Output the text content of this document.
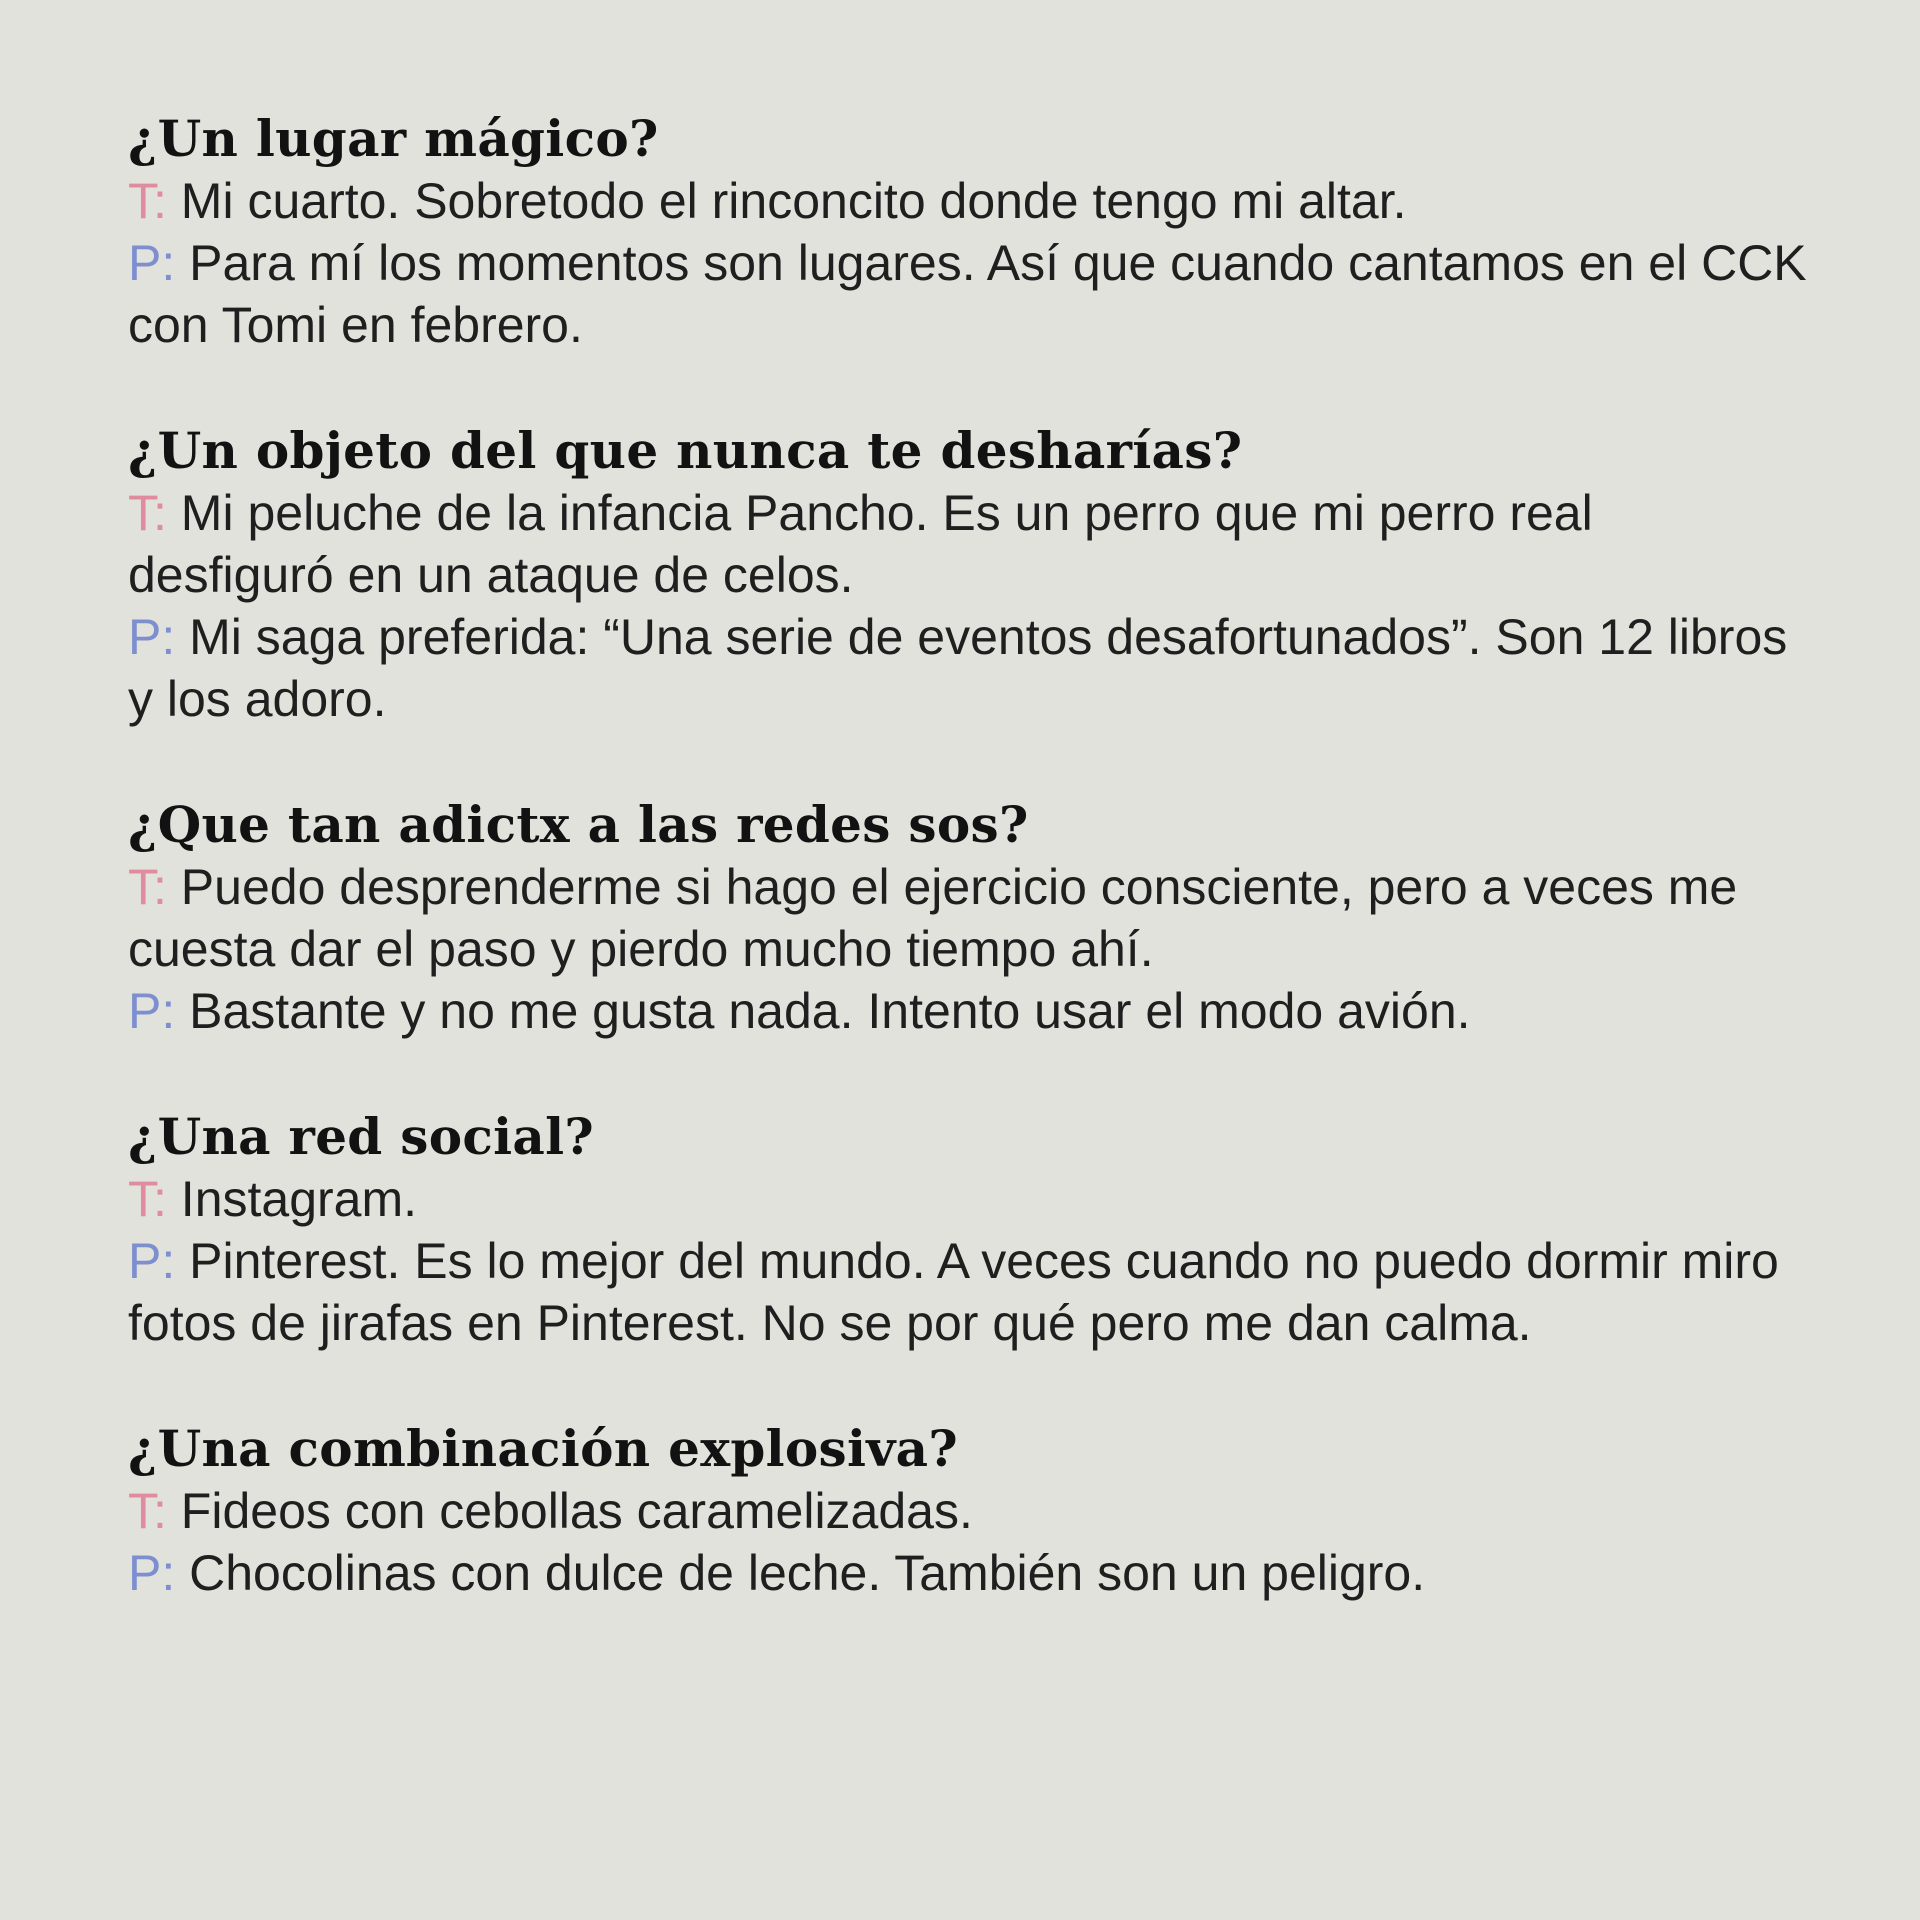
¿Un lugar mágico?

T: Mi cuarto. Sobretodo el rinconcito donde tengo mi altar.

P: Para mí los momentos son lugares. Así que cuando cantamos en el CCK con Tomi en febrero.

¿Un objeto del que nunca te desharías?

T: Mi peluche de la infancia Pancho. Es un perro que mi perro real desfiguró en un ataque de celos.

P: Mi saga preferida: “Una serie de eventos desafortunados”. Son 12 libros y los adoro.

¿Que tan adictx a las redes sos?

T: Puedo desprenderme si hago el ejercicio consciente, pero a veces me cuesta dar el paso y pierdo mucho tiempo ahí.

P: Bastante y no me gusta nada. Intento usar el modo avión.

¿Una red social?

T: Instagram.

P: Pinterest. Es lo mejor del mundo. A veces cuando no puedo dormir miro fotos de jirafas en Pinterest. No se por qué pero me dan calma.

¿Una combinación explosiva?

T: Fideos con cebollas caramelizadas.

P: Chocolinas con dulce de leche. También son un peligro.
